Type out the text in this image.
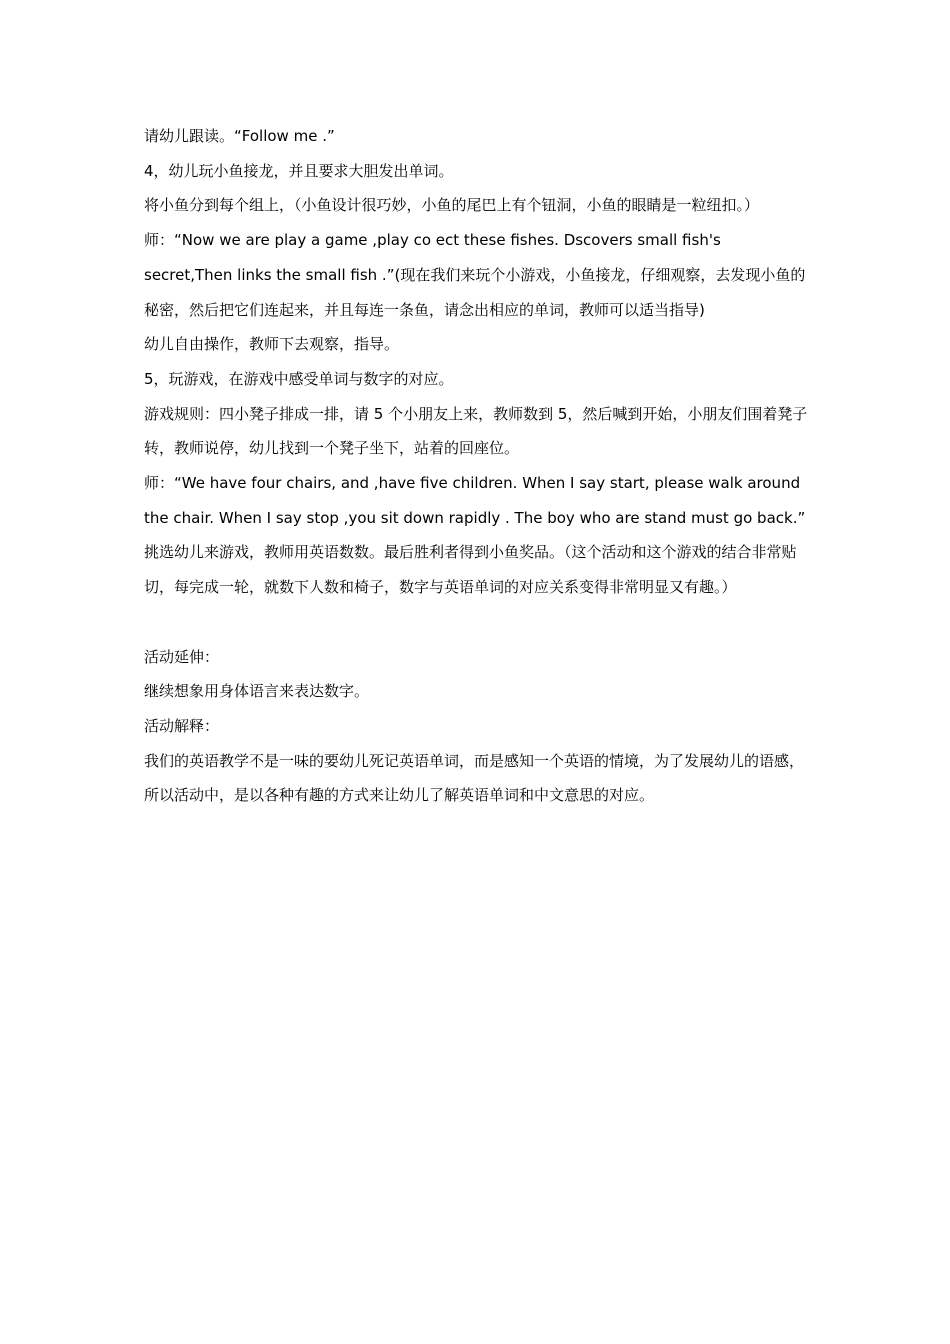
请幼儿跟读。“Follow me .”

4，幼儿玩小鱼接龙，并且要求大胆发出单词。

将小鱼分到每个组上，（小鱼设计很巧妙，小鱼的尾巴上有个钮洞，小鱼的眼睛是一粒纽扣。）

师：“Now we are play a game ,play co ect these fishes. Dscovers small fish's secret,Then links the small fish .”(现在我们来玩个小游戏，小鱼接龙，仔细观察，去发现小鱼的秘密，然后把它们连起来，并且每连一条鱼，请念出相应的单词，教师可以适当指导)

幼儿自由操作，教师下去观察，指导。

5，玩游戏，在游戏中感受单词与数字的对应。

游戏规则：四小凳子排成一排，请 5 个小朋友上来，教师数到 5，然后喊到开始，小朋友们围着凳子转，教师说停，幼儿找到一个凳子坐下，站着的回座位。

师：“We have four chairs, and ,have five children. When I say start, please walk around the chair. When I say stop ,you sit down rapidly . The boy who are stand must go back.”

挑选幼儿来游戏，教师用英语数数。最后胜利者得到小鱼奖品。（这个活动和这个游戏的结合非常贴切，每完成一轮，就数下人数和椅子，数字与英语单词的对应关系变得非常明显又有趣。）

活动延伸：

继续想象用身体语言来表达数字。

活动解释：

我们的英语教学不是一味的要幼儿死记英语单词，而是感知一个英语的情境，为了发展幼儿的语感，所以活动中，是以各种有趣的方式来让幼儿了解英语单词和中文意思的对应。
